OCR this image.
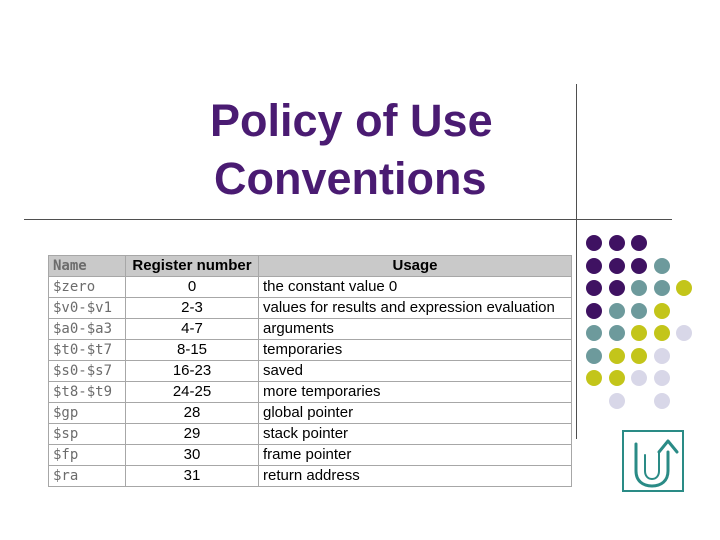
Policy of Use
Conventions
Name	Register number	Usage
$zero	0	the constant value 0
$v0-$v1	2-3	values for results and expression evaluation
$a0-$a3	4-7	arguments
$t0-$t7	8-15	temporaries
$s0-$s7	16-23	saved
$t8-$t9	24-25	more temporaries
$gp	28	global pointer
$sp	29	stack pointer
$fp	30	frame pointer
$ra	31	return address
